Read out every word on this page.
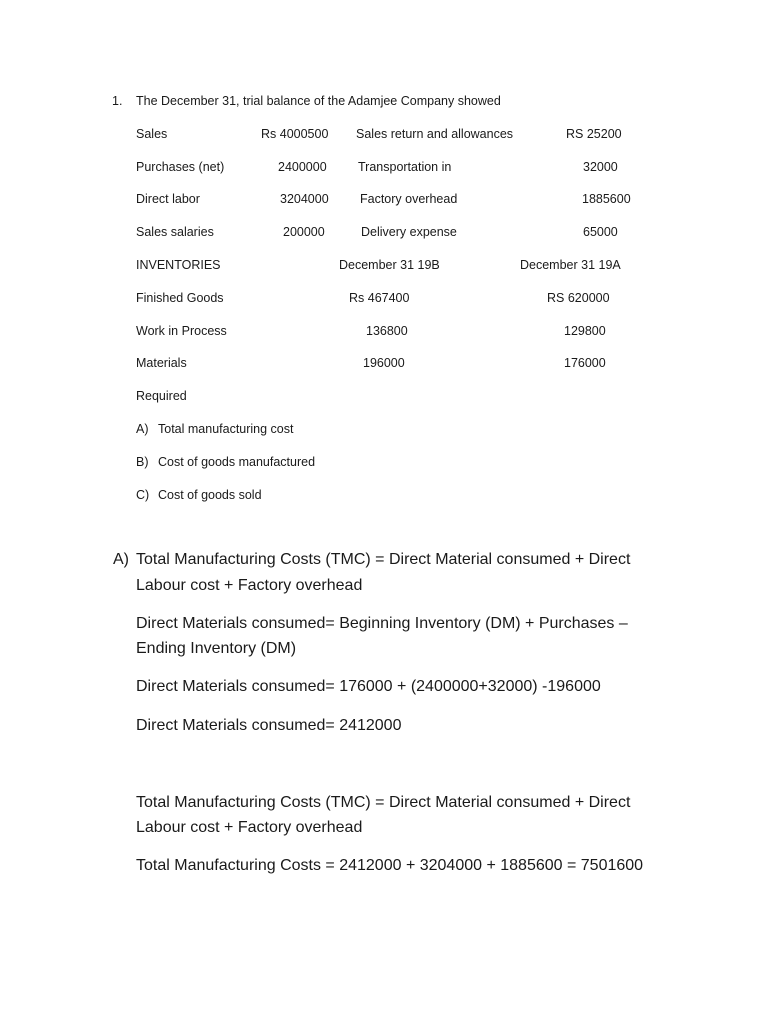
1. The December 31, trial balance of the Adamjee Company showed
Sales	Rs 4000500 Sales return and allowances	RS 25200
Purchases (net)	2400000	Transportation in	32000
Direct labor	3204000	Factory overhead	1885600
Sales salaries	200000	Delivery expense	65000
INVENTORIES	December 31 19B	December 31 19A
Finished Goods	Rs 467400	RS 620000
Work in Process	136800	129800
Materials	196000	176000
Required
A) Total manufacturing cost
B) Cost of goods manufactured
C) Cost of goods sold
A) Total Manufacturing Costs (TMC) = Direct Material consumed + Direct
Labour cost + Factory overhead
Direct Materials consumed= Beginning Inventory (DM) + Purchases –
Ending Inventory (DM)
Direct Materials consumed= 176000 + (2400000+32000) -196000
Direct Materials consumed= 2412000
Total Manufacturing Costs (TMC) = Direct Material consumed + Direct
Labour cost + Factory overhead
Total Manufacturing Costs = 2412000 + 3204000 + 1885600 = 7501600
